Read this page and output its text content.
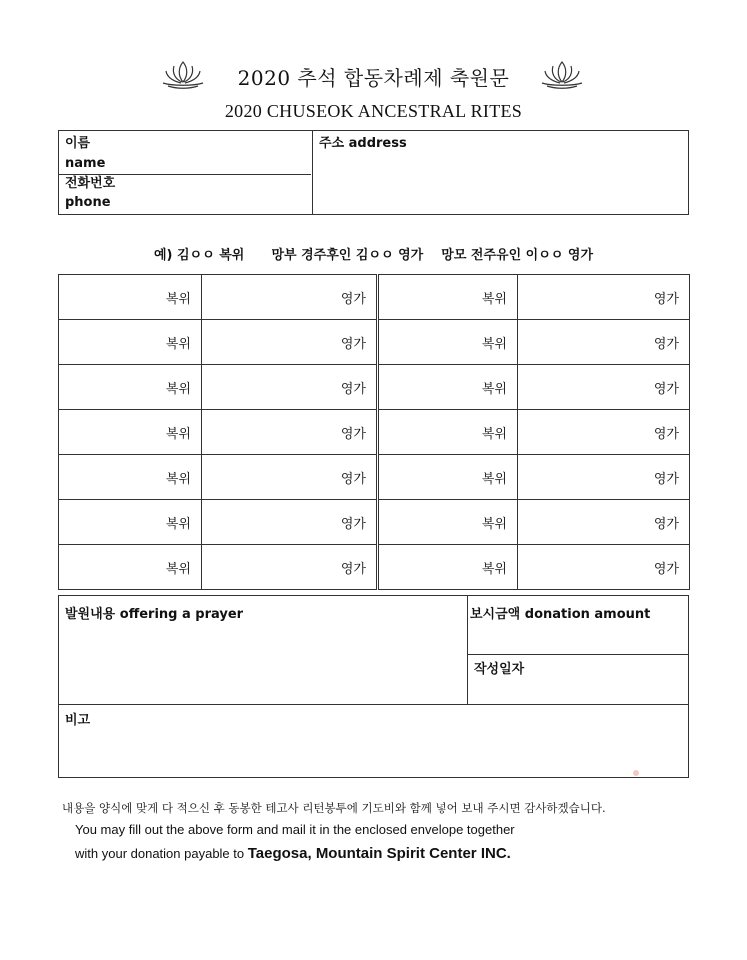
2020 추석 합동차례제 축원문
2020 CHUSEOK ANCESTRAL RITES
이름
name
전화번호
phone
주소 address
예) 김ㅇㅇ 복위      망부 경주후인 김ㅇㅇ 영가    망모 전주유인 이ㅇㅇ 영가
복위	영가	복위	영가
복위	영가	복위	영가
복위	영가	복위	영가
복위	영가	복위	영가
복위	영가	복위	영가
복위	영가	복위	영가
복위	영가	복위	영가
발원내용 offering a prayer	보시금액 donation amount
작성일자
비고
내용을 양식에 맞게 다 적으신 후 동봉한 테고사 리턴봉투에 기도비와 함께 넣어 보내 주시면 감사하겠습니다.
You may fill out the above form and mail it in the enclosed envelope together
with your donation payable to Taegosa, Mountain Spirit Center INC.
